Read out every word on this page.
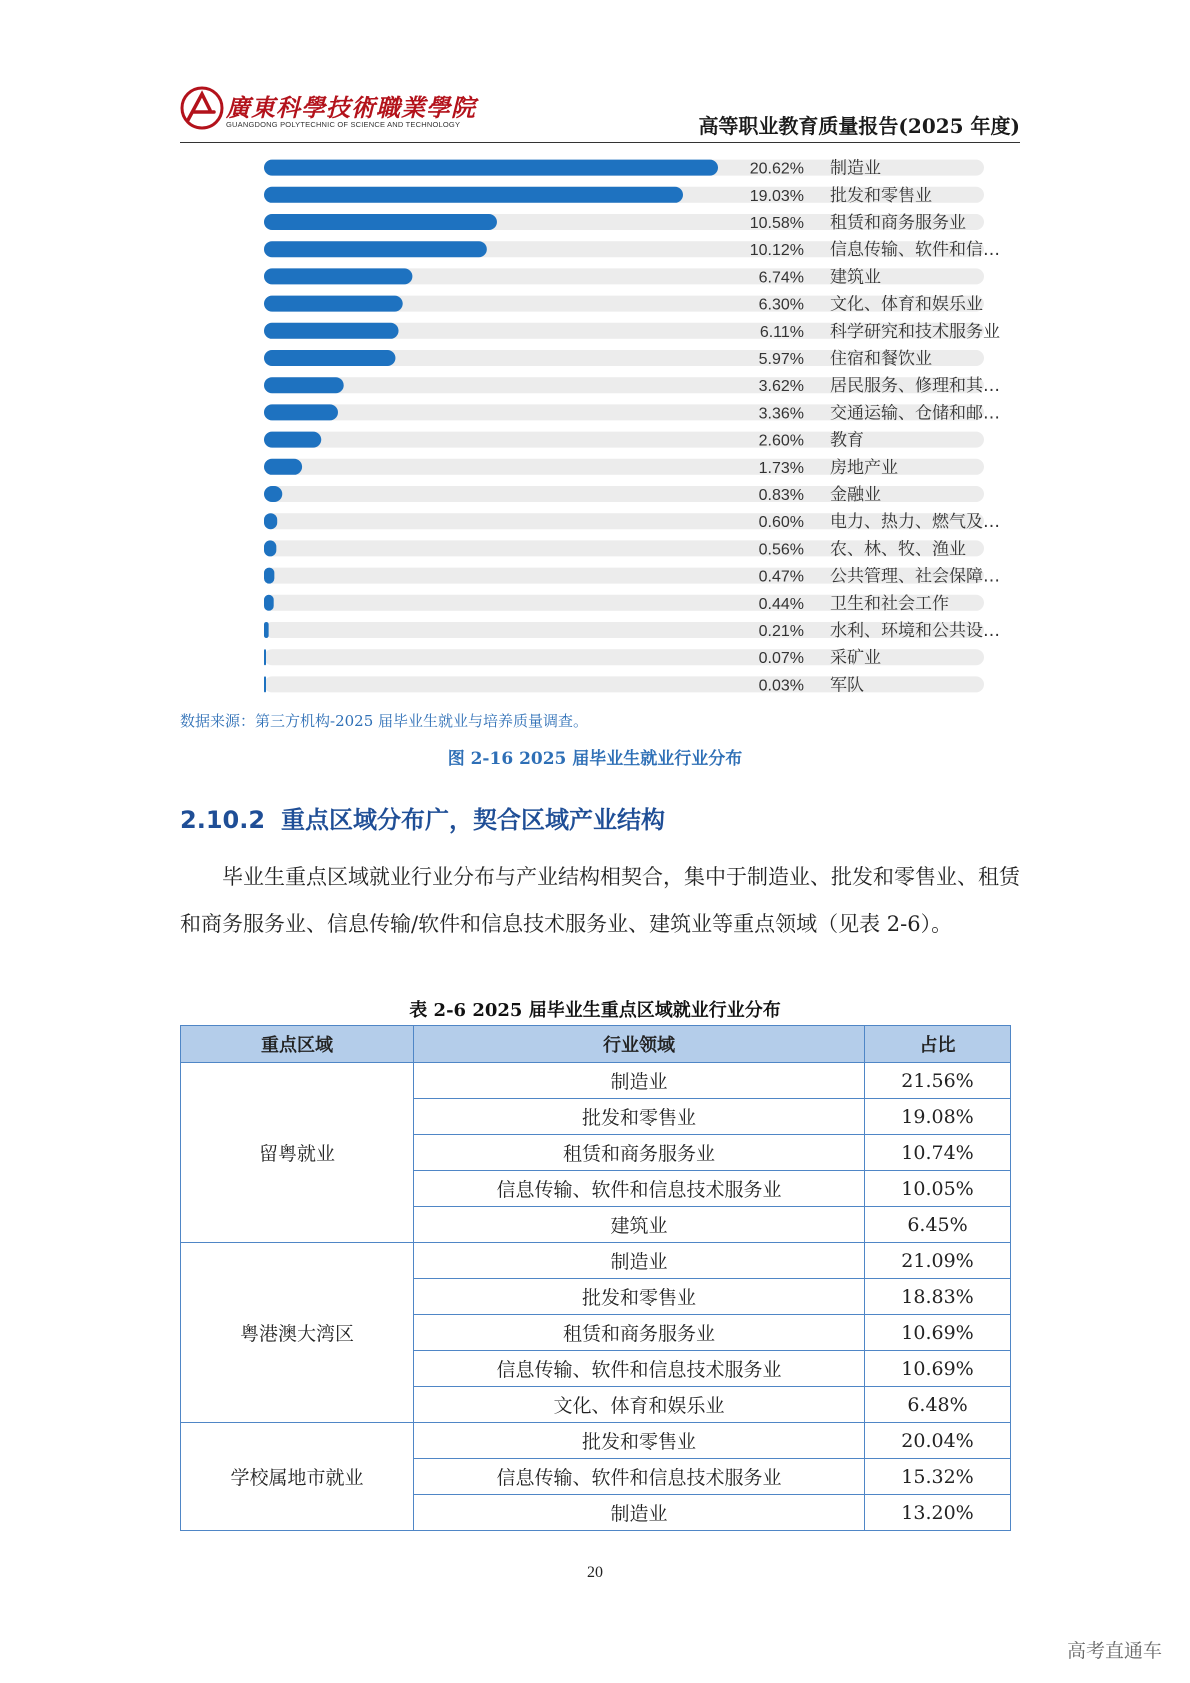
廣東科學技術職業學院
GUANGDONG POLYTECHNIC OF SCIENCE AND TECHNOLOGY	高等职业教育质量报告(2025 年度)
20.62% 制造业
19.03% 批发和零售业
10.58% 租赁和商务服务业
10.12% 信息传输、软件和信…
6.74% 建筑业
6.30% 文化、体育和娱乐业
6.11% 科学研究和技术服务业
5.97% 住宿和餐饮业
3.62% 居民服务、修理和其…
3.36% 交通运输、仓储和邮…
2.60% 教育
1.73% 房地产业
0.83% 金融业
0.60% 电力、热力、燃气及…
0.56% 农、林、牧、渔业
0.47% 公共管理、社会保障…
0.44% 卫生和社会工作
0.21% 水利、环境和公共设…
0.07% 采矿业
0.03% 军队
数据来源：第三方机构-2025 届毕业生就业与培养质量调查。
图 2-16 2025 届毕业生就业行业分布
2.10.2 重点区域分布广，契合区域产业结构
毕业生重点区域就业行业分布与产业结构相契合，集中于制造业、批发和零售业、租赁和商务服务业、信息传输/软件和信息技术服务业、建筑业等重点领域（见表 2-6）。
表 2-6 2025 届毕业生重点区域就业行业分布
重点区域	行业领域	占比
留粤就业	制造业	21.56%
	批发和零售业	19.08%
	租赁和商务服务业	10.74%
	信息传输、软件和信息技术服务业	10.05%
	建筑业	6.45%
粤港澳大湾区	制造业	21.09%
	批发和零售业	18.83%
	租赁和商务服务业	10.69%
	信息传输、软件和信息技术服务业	10.69%
	文化、体育和娱乐业	6.48%
学校属地市就业	批发和零售业	20.04%
	信息传输、软件和信息技术服务业	15.32%
	制造业	13.20%
20
高考直通车
